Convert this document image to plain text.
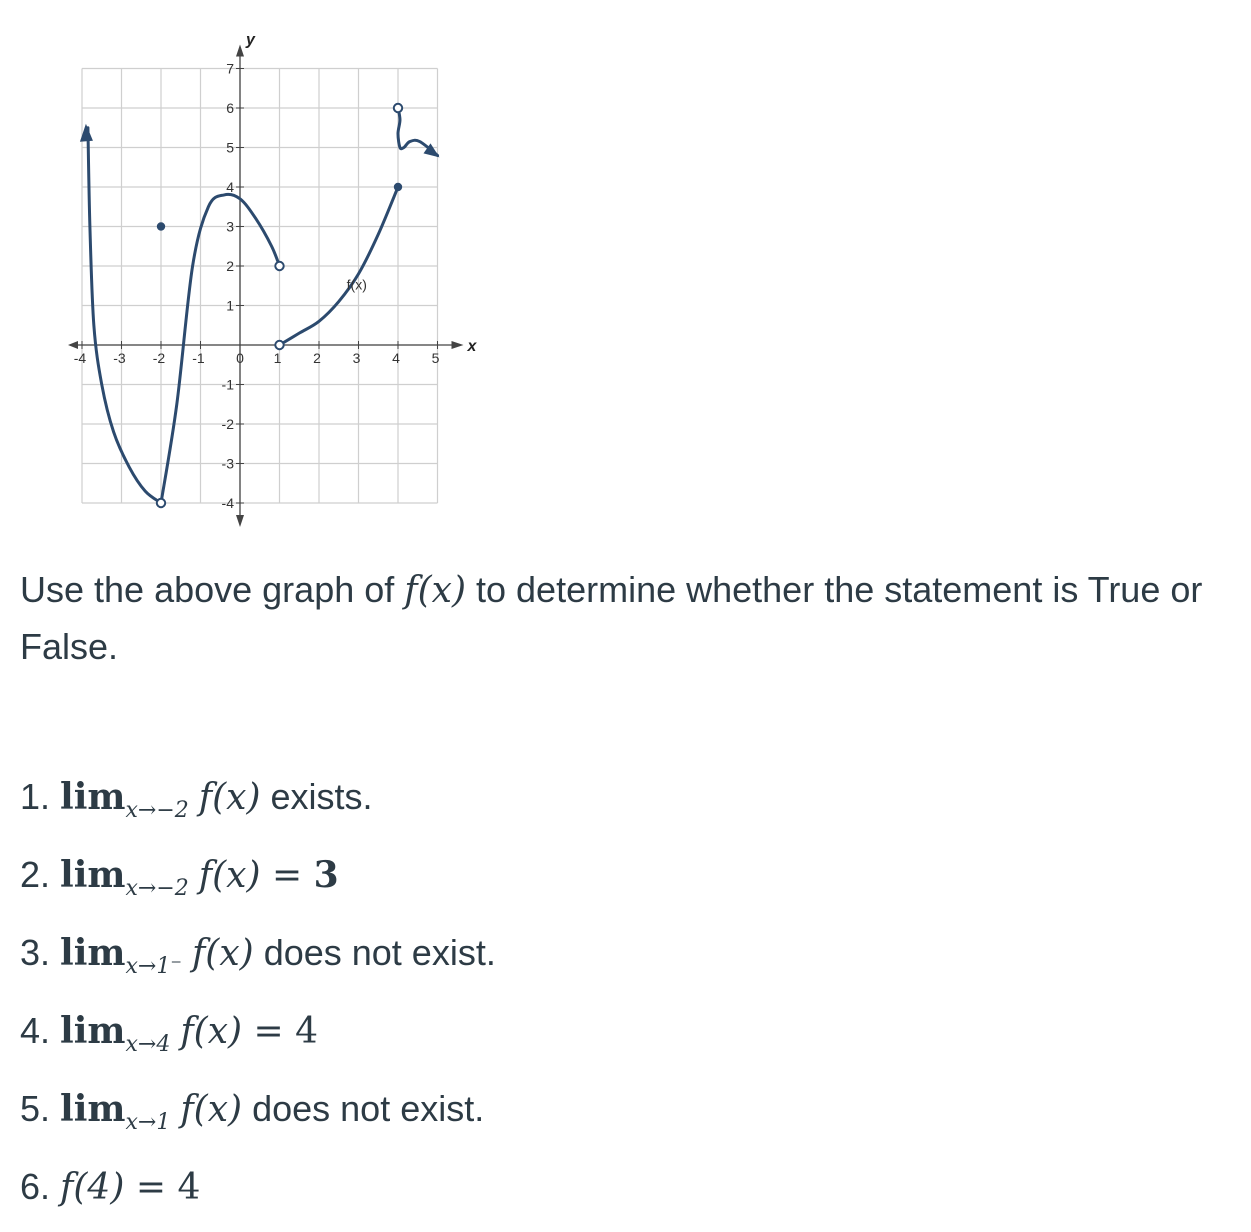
-4 -3 -2 -1 0 1 2 3 4 5
-4
-3
-2
-1
1
2
3
4
5
6
7
x
y
f(x)
Use the above graph of f(x) to determine whether the statement is True or False.
1. $\lim_{x\to-2} f(x)$ exists.
2. $\lim_{x\to-2} f(x) = 3$
3. $\lim_{x\to 1^-} f(x)$ does not exist.
4. $\lim_{x\to 4} f(x) = 4$
5. $\lim_{x\to 1} f(x)$ does not exist.
6. f(4) = 4
